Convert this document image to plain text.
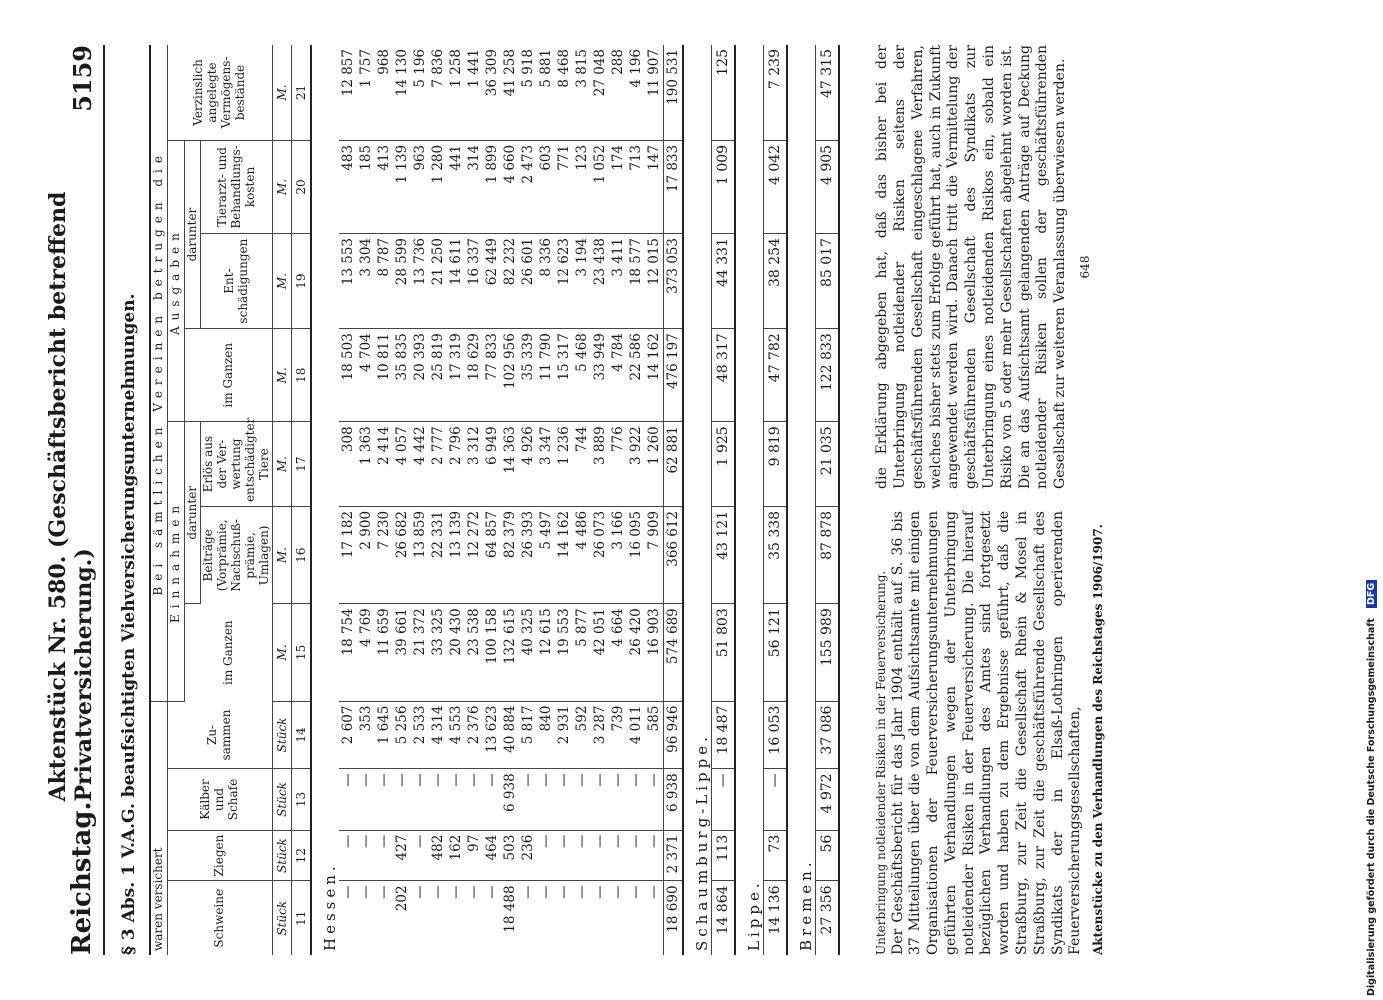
Reichstag.
Aktenstück Nr. 580. (Geschäftsbericht betreffend Privatversicherung.)
5159
§ 3 Abs. 1 V.A.G. beaufsichtigten Viehversicherungsunternehmungen. waren versichert				Bei sämtlichen Vereinen betrugen die						
Schweine	Ziegen	Kälber und Schafe	Zu- sammen	Einnahmen			Ausgaben			Verzinslich angelegte Vermögens- bestände
				im Ganzen	darunter		im Ganzen	darunter		
					Beiträge (Vorprämie, Nachschuß- prämie, Umlagen)	Erlös aus der Ver- wertung entschädigter Tiere		Ent- schädigungen	Tierarzt- und Behandlungs- kosten	
Stück	Stück	Stück	Stück	M.	M.	M.	M.	M.	M.	M.
11	12	13	14	15	16	17	18	19	20	21
Hessen.										
—	—	—	2 607	18 754	17 182	308	18 503	13 553	483	12 857
—	—	—	353	4 769	2 900	1 363	4 704	3 304	185	1 757
—	—	—	1 645	11 659	7 230	2 414	10 811	8 787	413	968
202	427	—	5 256	39 661	26 682	4 057	35 835	28 599	1 139	14 130
—	—	—	2 533	21 372	13 859	4 442	20 393	13 736	963	5 196
—	482	—	4 314	33 325	22 331	2 777	25 819	21 250	1 280	7 836
—	162	—	4 553	20 430	13 139	2 796	17 319	14 611	441	1 258
—	97	—	2 376	23 538	12 272	3 312	18 629	16 337	314	1 441
—	464	—	13 623	100 158	64 857	6 949	77 833	62 449	1 899	36 309
18 488	503	6 938	40 884	132 615	82 379	14 363	102 956	82 232	4 660	41 258
—	236	—	5 817	40 325	26 393	4 926	35 339	26 601	2 473	5 918
—	—	—	840	12 615	5 497	3 347	11 790	8 336	603	5 881
—	—	—	2 931	19 553	14 162	1 236	15 317	12 623	771	8 468
—	—	—	592	5 877	4 486	744	5 468	3 194	123	3 815
—	—	—	3 287	42 051	26 073	3 889	33 949	23 438	1 052	27 048
—	—	—	739	4 664	3 166	776	4 784	3 411	174	288
—	—	—	4 011	26 420	16 095	3 922	22 586	18 577	713	4 196
—	—	—	585	16 903	7 909	1 260	14 162	12 015	147	11 907
18 690	2 371	6 938	96 946	574 689	366 612	62 881	476 197	373 053	17 833	190 531
Schaumburg-Lippe.										
14 864	113	—	18 487	51 803	43 121	1 925	48 317	44 331	1 009	125
Lippe.										
14 136	73	—	16 053	56 121	35 338	9 819	47 782	38 254	4 042	7 239
Bremen.										
27 356	56	4 972	37 086	155 989	87 878	21 035	122 833	85 017	4 905	47 315

Unterbringung notleidender Risiken in der Feuerversicherung. Der Geschäftsbericht für das Jahr 1904 enthält auf S. 36 bis 37 Mitteilungen über die von dem Aufsichtsamte mit einigen Organisationen der Feuerversicherungsunternehmungen geführten Verhandlungen wegen der Unterbringung notleidender Risiken in der Feuerversicherung. Die hierauf bezüglichen Verhandlungen des Amtes sind fortgesetzt worden und haben zu dem Ergebnisse geführt, daß die Straßburg, zur Zeit die Gesellschaft Rhein & Mosel in Straßburg, zur Zeit die geschäftsführende Gesellschaft des Syndikats der in Elsaß-Lothringen operierenden Feuerversicherungsgesellschaften, Aktenstücke zu den Verhandlungen des Reichstages 1906/1907.

die Erklärung abgegeben hat, daß das bisher bei der Unterbringung notleidender Risiken seitens der geschäftsführenden Gesellschaft eingeschlagene Verfahren, welches bisher stets zum Erfolge geführt hat, auch in Zukunft angewendet werden wird. Danach tritt die Vermittelung der geschäftsführenden Gesellschaft des Syndikats zur Unterbringung eines notleidenden Risikos ein, sobald ein Risiko von 5 oder mehr Gesellschaften abgelehnt worden ist. Die an das Aufsichtsamt gelangenden Anträge auf Deckung notleidender Risiken sollen der geschäftsführenden Gesellschaft zur weiteren Veranlassung überwiesen werden. 648
Digitalisierung gefördert durch die Deutsche ForschungsgemeinschaftDFG
